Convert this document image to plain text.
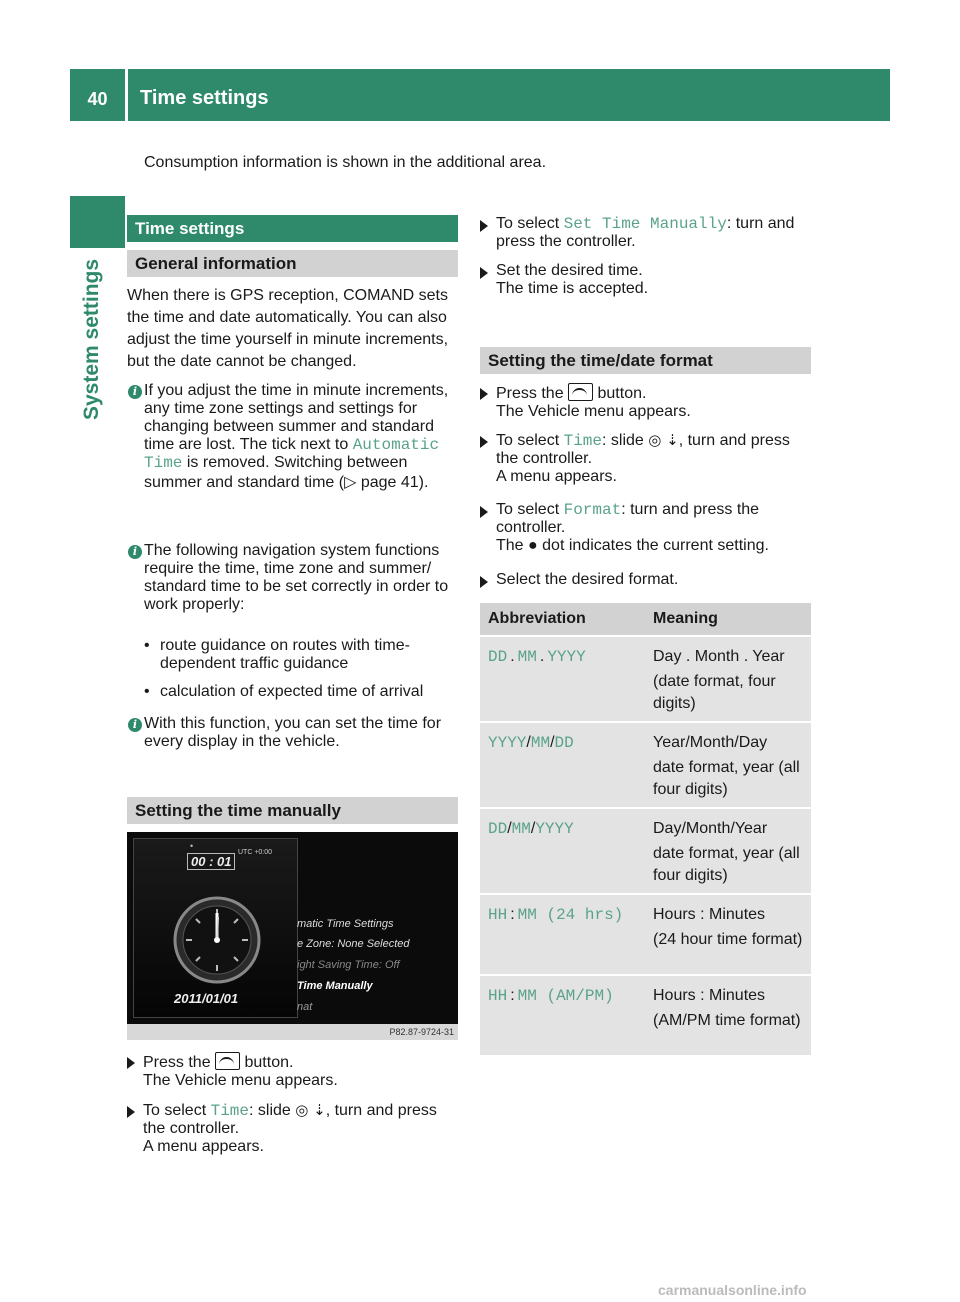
40	Time settings
System settings
Consumption information is shown in the additional area.
Time settings
General information
When there is GPS reception, COMAND sets the time and date automatically. You can also adjust the time yourself in minute increments, but the date cannot be changed.
i If you adjust the time in minute increments, any time zone settings and settings for changing between summer and standard time are lost. The tick next to Automatic Time is removed. Switching between summer and standard time (▷ page 41).
i The following navigation system functions require the time, time zone and summer/ standard time to be set correctly in order to work properly:
• route guidance on routes with time-dependent traffic guidance
• calculation of expected time of arrival
i With this function, you can set the time for every display in the vehicle.
Setting the time manually
•
00 : 01
UTC +0:00
2011/01/01
matic Time Settings
e Zone: None Selected
ight Saving Time: Off
Time Manually
nat
P82.87-9724-31
Press the button.
The Vehicle menu appears.
To select Time: slide ◎ ⇣, turn and press the controller.
A menu appears.
To select Set Time Manually: turn and press the controller.
Set the desired time.
The time is accepted.
Setting the time/date format
Press the button.
The Vehicle menu appears.
To select Time: slide ◎ ⇣, turn and press the controller.
A menu appears.
To select Format: turn and press the controller.
The ● dot indicates the current setting.
Select the desired format.
Abbreviation	Meaning
DD . MM . YYYY	Day . Month . Year
(date format, four digits)

YYYY/MM/DD	Year/Month/Day
date format, year (all four digits)

DD/MM/YYYY	Day/Month/Year
date format, year (all four digits)

HH : MM (24 hrs)	Hours : Minutes
(24 hour time format)

HH : MM (AM/PM)	Hours : Minutes
(AM/PM time format)
carmanualsonline.info
